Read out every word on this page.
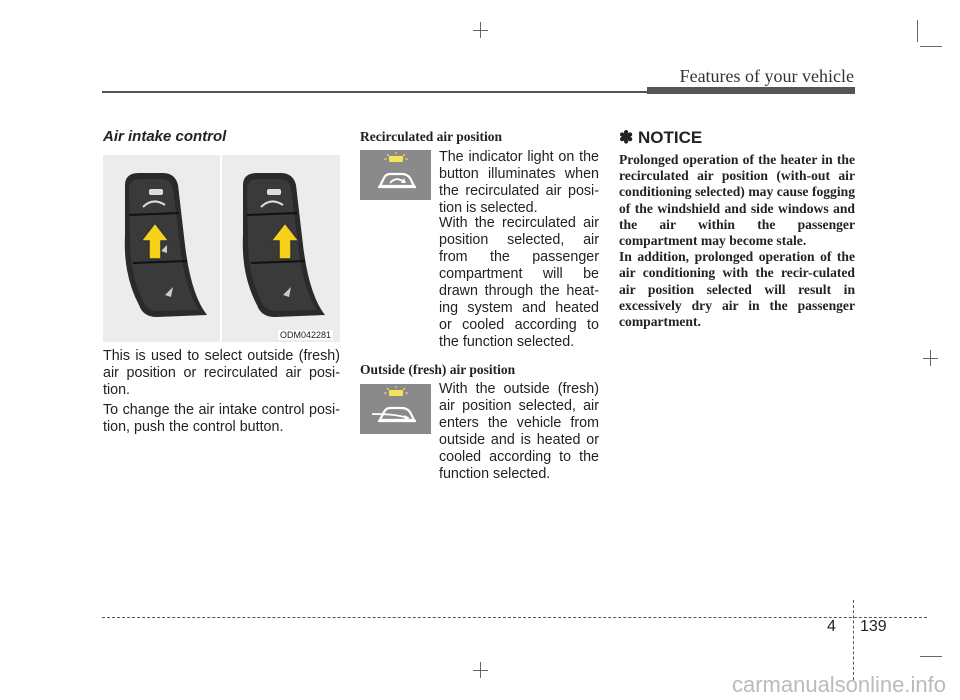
Features of your vehicle
Air intake control
ODM042281
This is used to select outside (fresh) air position or recirculated air posi-tion.
To change the air intake control posi-tion, push the control button.
Recirculated air position
The indicator light on the button illuminates when the recirculated air posi-tion is selected.
With the recirculated air position selected, air from the passenger compartment will be drawn through the heat-ing system and heated or cooled according to the function selected.
Outside (fresh) air position
With the outside (fresh) air position selected, air enters the vehicle from outside and is heated or cooled according to the function selected.
✽ NOTICE
Prolonged operation of the heater in the recirculated air position (with-out air conditioning selected) may cause fogging of the windshield and side windows and the air within the passenger compartment may become stale.
In addition, prolonged operation of the air conditioning with the recir-culated air position selected will result in excessively dry air in the passenger compartment.
4 139
carmanualsonline.info
